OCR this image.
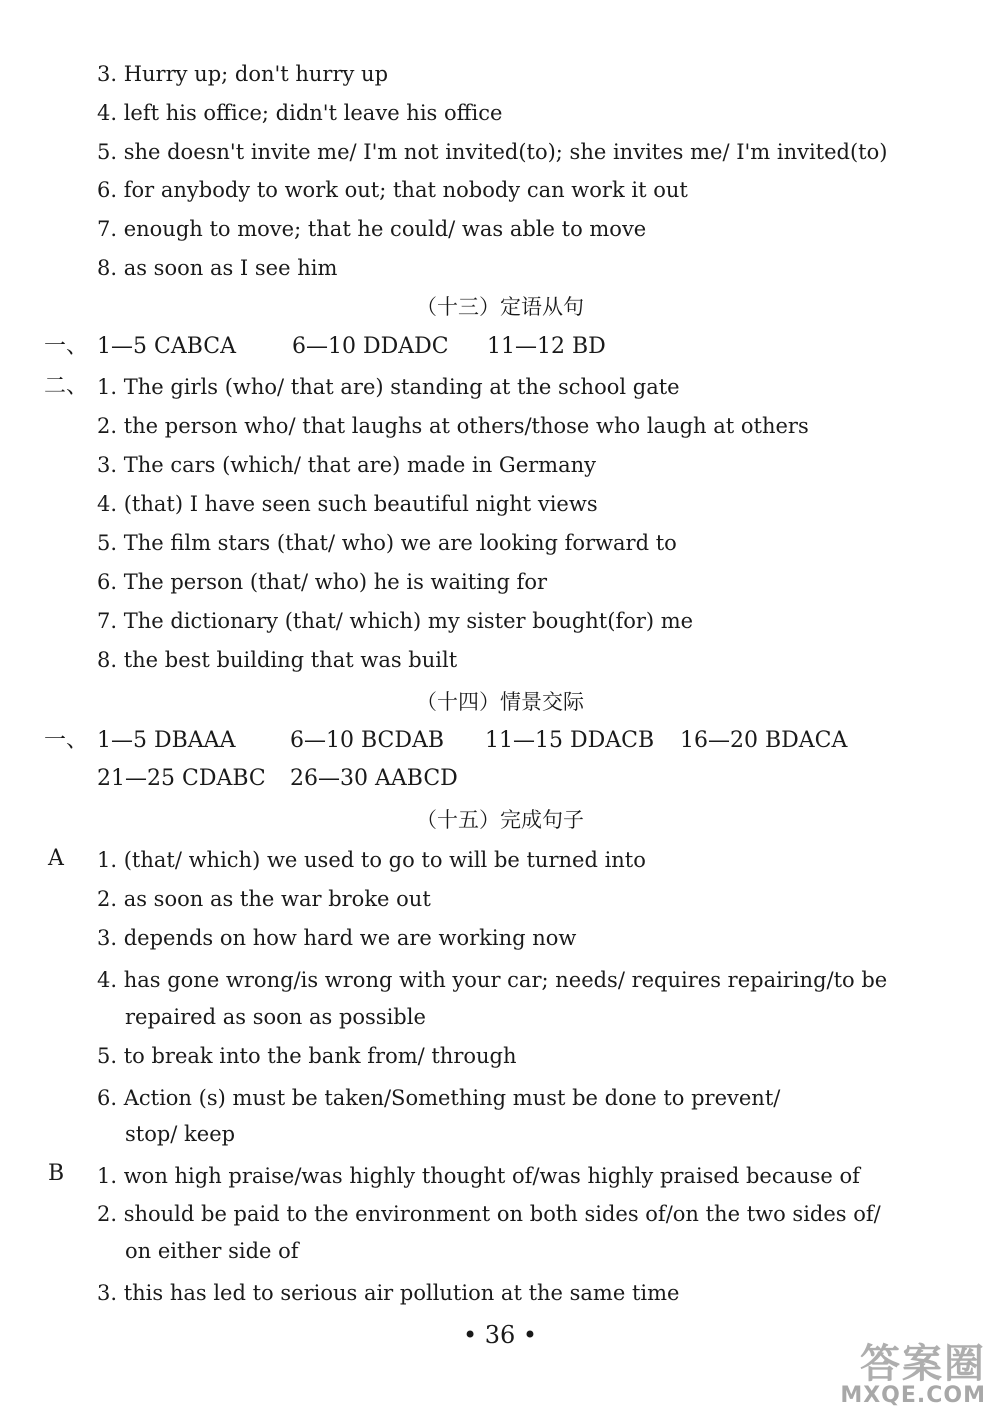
3. Hurry up; don't hurry up
4. left his office; didn't leave his office
5. she doesn't invite me/ I'm not invited(to); she invites me/ I'm invited(to)
6. for anybody to work out; that nobody can work it out
7. enough to move; that he could/ was able to move
8. as soon as I see him
（十三）定语从句
一、 1—5 CABCA	6—10 DDADC 11—12 BD
二、 1. The girls (who/ that are) standing at the school gate
2. the person who/ that laughs at others/those who laugh at others
3. The cars (which/ that are) made in Germany
4. (that) I have seen such beautiful night views
5. The film stars (that/ who) we are looking forward to
6. The person (that/ who) he is waiting for
7. The dictionary (that/ which) my sister bought(for) me
8. the best building that was built
（十四）情景交际
一、 1—5 DBAAA 6—10 BCDAB 11—15 DDACB 16—20 BDACA
21—25 CDABC 26—30 AABCD
（十五）完成句子
A 1. (that/ which) we used to go to will be turned into
2. as soon as the war broke out
3. depends on how hard we are working now
4. has gone wrong/is wrong with your car; needs/ requires repairing/to be
repaired as soon as possible
5. to break into the bank from/ through
6. Action (s) must be taken/Something must be done to prevent/
stop/ keep
B 1. won high praise/was highly thought of/was highly praised because of
2. should be paid to the environment on both sides of/on the two sides of/
on either side of
3. this has led to serious air pollution at the same time
• 36 •
答案圈
MXQE.COM
